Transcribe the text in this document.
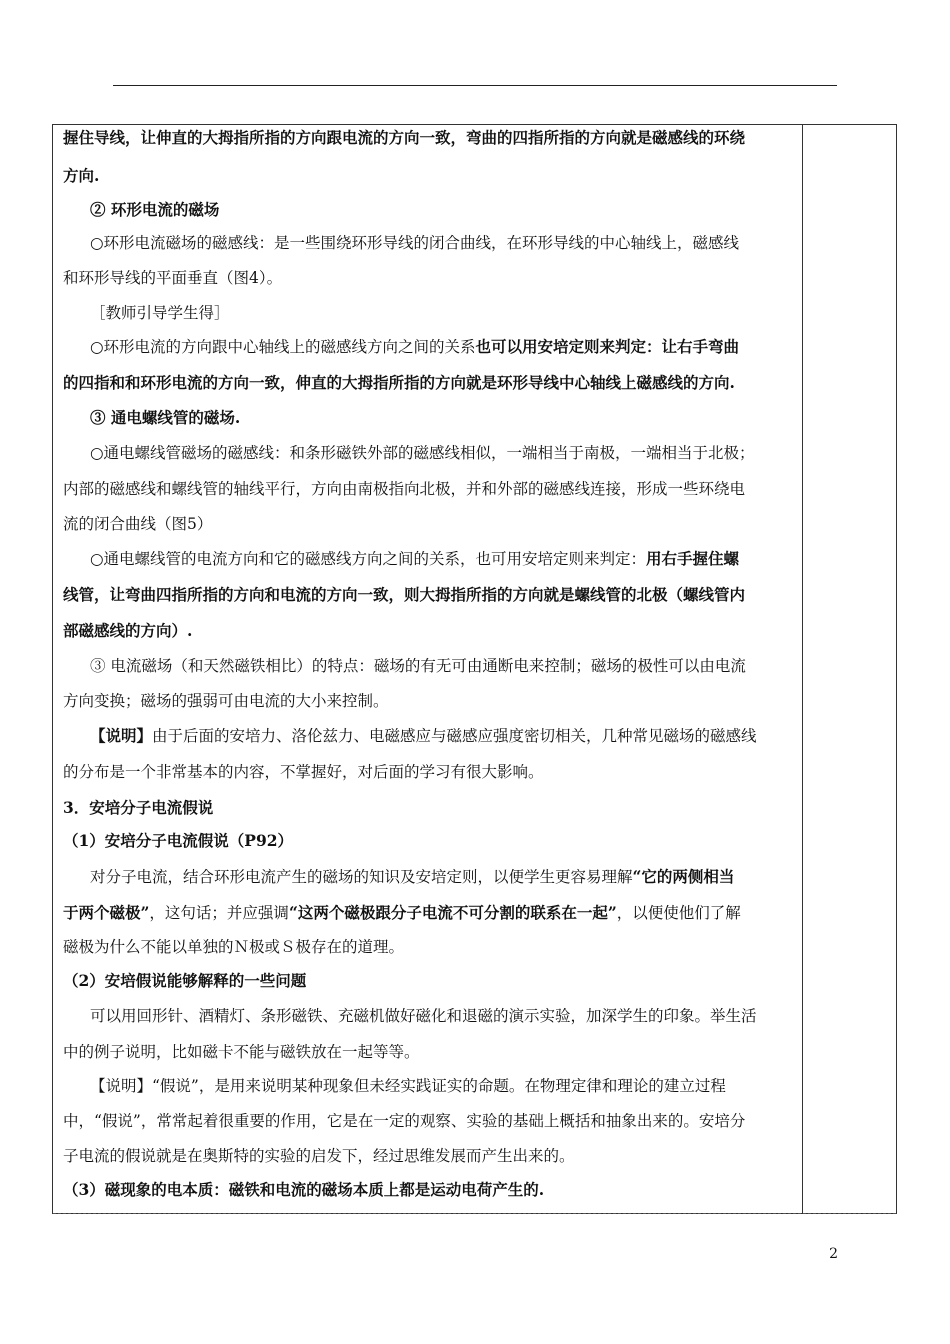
握住导线，让伸直的大拇指所指的方向跟电流的方向一致，弯曲的四指所指的方向就是磁感线的环绕
方向.
② 环形电流的磁场
○环形电流磁场的磁感线：是一些围绕环形导线的闭合曲线，在环形导线的中心轴线上，磁感线
和环形导线的平面垂直（图4）。
［教师引导学生得］
○环形电流的方向跟中心轴线上的磁感线方向之间的关系也可以用安培定则来判定：让右手弯曲
的四指和和环形电流的方向一致，伸直的大拇指所指的方向就是环形导线中心轴线上磁感线的方向.
③ 通电螺线管的磁场.
○通电螺线管磁场的磁感线：和条形磁铁外部的磁感线相似，一端相当于南极，一端相当于北极；
内部的磁感线和螺线管的轴线平行，方向由南极指向北极，并和外部的磁感线连接，形成一些环绕电
流的闭合曲线（图5）
○通电螺线管的电流方向和它的磁感线方向之间的关系，也可用安培定则来判定：用右手握住螺
线管，让弯曲四指所指的方向和电流的方向一致，则大拇指所指的方向就是螺线管的北极（螺线管内
部磁感线的方向）.
③ 电流磁场（和天然磁铁相比）的特点：磁场的有无可由通断电来控制；磁场的极性可以由电流
方向变换；磁场的强弱可由电流的大小来控制。
【说明】由于后面的安培力、洛伦兹力、电磁感应与磁感应强度密切相关，几种常见磁场的磁感线
的分布是一个非常基本的内容，不掌握好，对后面的学习有很大影响。
3．安培分子电流假说
（1）安培分子电流假说（P92）
对分子电流，结合环形电流产生的磁场的知识及安培定则，以便学生更容易理解“它的两侧相当
于两个磁极”，这句话；并应强调“这两个磁极跟分子电流不可分割的联系在一起”，以便使他们了解
磁极为什么不能以单独的Ｎ极或Ｓ极存在的道理。
（2）安培假说能够解释的一些问题
可以用回形针、酒精灯、条形磁铁、充磁机做好磁化和退磁的演示实验，加深学生的印象。举生活
中的例子说明，比如磁卡不能与磁铁放在一起等等。
【说明】“假说”，是用来说明某种现象但未经实践证实的命题。在物理定律和理论的建立过程
中，“假说”，常常起着很重要的作用，它是在一定的观察、实验的基础上概括和抽象出来的。安培分
子电流的假说就是在奥斯特的实验的启发下，经过思维发展而产生出来的。
（3）磁现象的电本质：磁铁和电流的磁场本质上都是运动电荷产生的.
2
